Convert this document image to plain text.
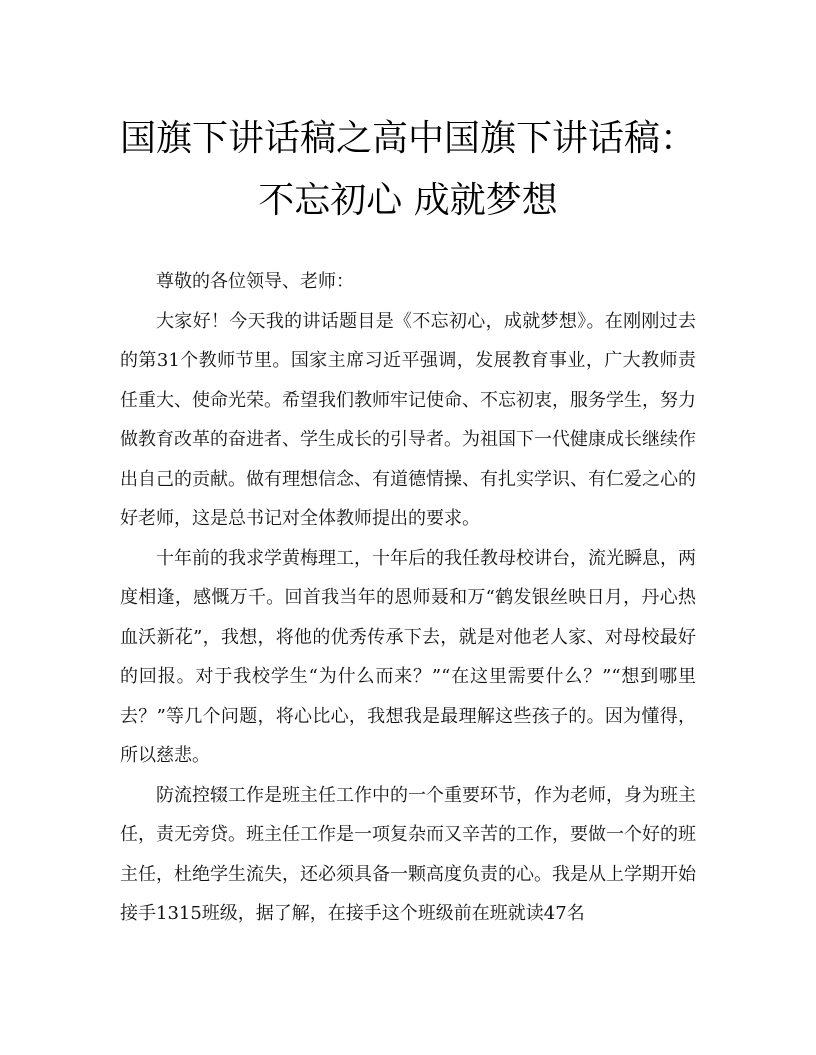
国旗下讲话稿之高中国旗下讲话稿：不忘初心 成就梦想

尊敬的各位领导、老师：

大家好！今天我的讲话题目是《不忘初心，成就梦想》。在刚刚过去的第31个教师节里。国家主席习近平强调，发展教育事业，广大教师责任重大、使命光荣。希望我们教师牢记使命、不忘初衷，服务学生，努力做教育改革的奋进者、学生成长的引导者。为祖国下一代健康成长继续作出自己的贡献。做有理想信念、有道德情操、有扎实学识、有仁爱之心的好老师，这是总书记对全体教师提出的要求。

十年前的我求学黄梅理工，十年后的我任教母校讲台，流光瞬息，两度相逢，感慨万千。回首我当年的恩师聂和万“鹤发银丝映日月，丹心热血沃新花”，我想，将他的优秀传承下去，就是对他老人家、对母校最好的回报。对于我校学生“为什么而来？”“在这里需要什么？”“想到哪里去？”等几个问题，将心比心，我想我是最理解这些孩子的。因为懂得，所以慈悲。

防流控辍工作是班主任工作中的一个重要环节，作为老师，身为班主任，责无旁贷。班主任工作是一项复杂而又辛苦的工作，要做一个好的班主任，杜绝学生流失，还必须具备一颗高度负责的心。我是从上学期开始接手1315班级，据了解，在接手这个班级前在班就读47名
